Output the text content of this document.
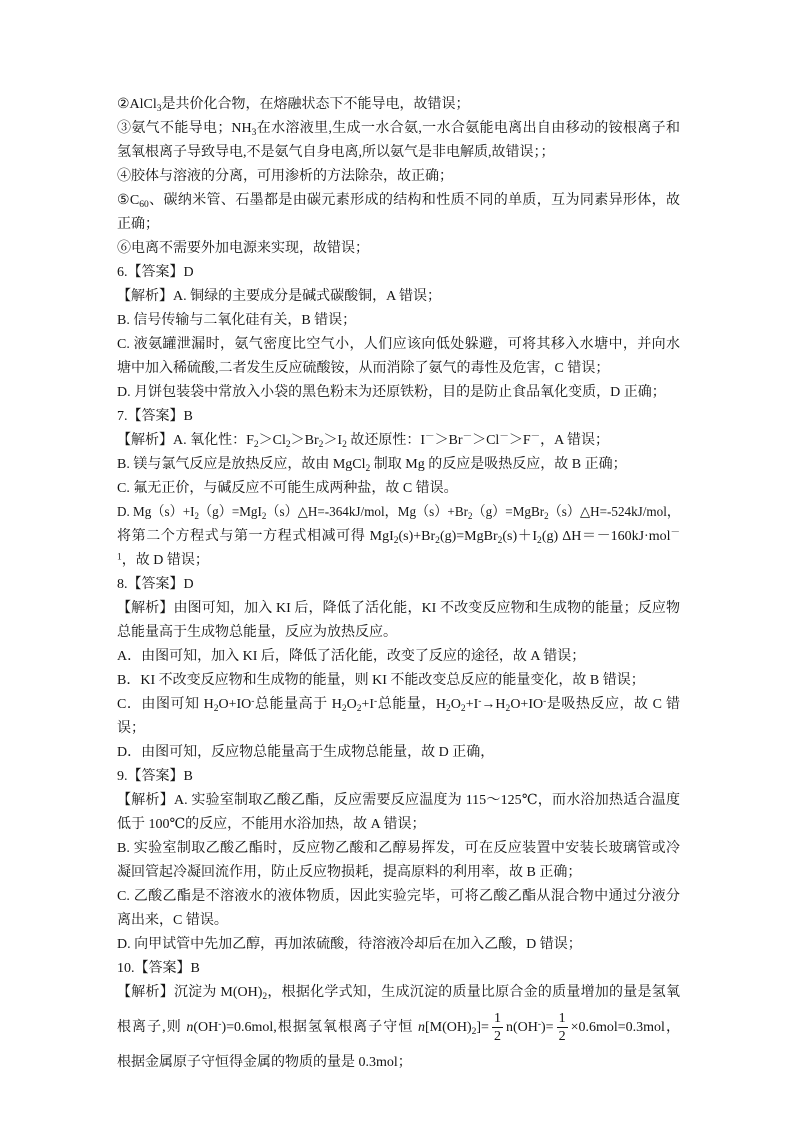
②AlCl$_3$是共价化合物，在熔融状态下不能导电，故错误；
③氨气不能导电；$NH_3$在水溶液里,生成一水合氨,一水合氨能电离出自由移动的铵根离子和
氢氧根离子导致导电,不是氨气自身电离,所以氨气是非电解质,故错误；；
④胶体与溶液的分离，可用渗析的方法除杂，故正确；
$⑤C_{60}$、碳纳米管、石墨都是由碳元素形成的结构和性质不同的单质，互为同素异形体，故
正确；
⑥电离不需要外加电源来实现，故错误；
6.【答案】D
【解析】A. 铜绿的主要成分是碱式碳酸铜，A 错误；
B. 信号传输与二氧化硅有关，B 错误；
C. 液氨罐泄漏时，氨气密度比空气小，人们应该向低处躲避，可将其移入水塘中，并向水
塘中加入稀硫酸,二者发生反应硫酸铵，从而消除了氨气的毒性及危害，C 错误；
D. 月饼包装袋中常放入小袋的黑色粉末为还原铁粉，目的是防止食品氧化变质，D 正确；
7.【答案】B
【解析】A. 氧化性：$F_2>Cl_2>Br_2>I_2$ 故还原性：I－＞Br－＞Cl－＞F－，A 错误；
B. 镁与氯气反应是放热反应，故由 MgCl$_2$ 制取 Mg 的反应是吸热反应，故 B 正确；
C. 氟无正价，与碱反应不可能生成两种盐，故 C 错误。
D. $Mg(s)+I_2(g)=MgI_2(s)\triangle H=-364kJ$/mol，$Mg(s)+Br_2(g)=MgBr_2(s)\triangle H=-524kJ$/mol，
将第二个方程式与第一方程式相减可得 $MgI_2(s)+Br_2(g)=MgBr_2(s)+I_2(g)$ ΔH＝－160kJ·mol－
$^1$，故 D 错误；
8.【答案】D
【解析】由图可知，加入 KI 后，降低了活化能，KI 不改变反应物和生成物的能量；反应物
总能量高于生成物总能量，反应为放热反应。
A．由图可知，加入 KI 后，降低了活化能，改变了反应的途径，故 A 错误；
B．KI 不改变反应物和生成物的能量，则 KI 不能改变总反应的能量变化，故 B 错误；
C．由图可知 $H_2O+IO^-$总能量高于 $H_2O_2+I^-$总能量，$H_2O_2+I^-\to H_2O+IO^-$是吸热反应，故 C 错
误；
D．由图可知，反应物总能量高于生成物总能量，故 D 正确，
9.【答案】B
【解析】A. 实验室制取乙酸乙酯，反应需要反应温度为 115～125℃，而水浴加热适合温度
低于 100℃的反应，不能用水浴加热，故 A 错误；
B. 实验室制取乙酸乙酯时，反应物乙酸和乙醇易挥发，可在反应装置中安装长玻璃管或冷
凝回管起冷凝回流作用，防止反应物损耗，提高原料的利用率，故 B 正确；
C. 乙酸乙酯是不溶液水的液体物质，因此实验完毕，可将乙酸乙酯从混合物中通过分液分
离出来，C 错误。
D. 向甲试管中先加乙醇，再加浓硫酸，待溶液冷却后在加入乙酸，D 错误；
10.【答案】B
【解析】沉淀为 $M(OH)_2$，根据化学式知，生成沉淀的质量比原合金的质量增加的量是氢氧
根离子,则 n(OH-)=0.6mol,根据氢氧根离子守恒 $n[M(OH)_2]= \frac{1}{2} n(OH^-)= \frac{1}{2} \times 0.6mol=0.3mol$，
根据金属原子守恒得金属的物质的量是 0.3mol；
